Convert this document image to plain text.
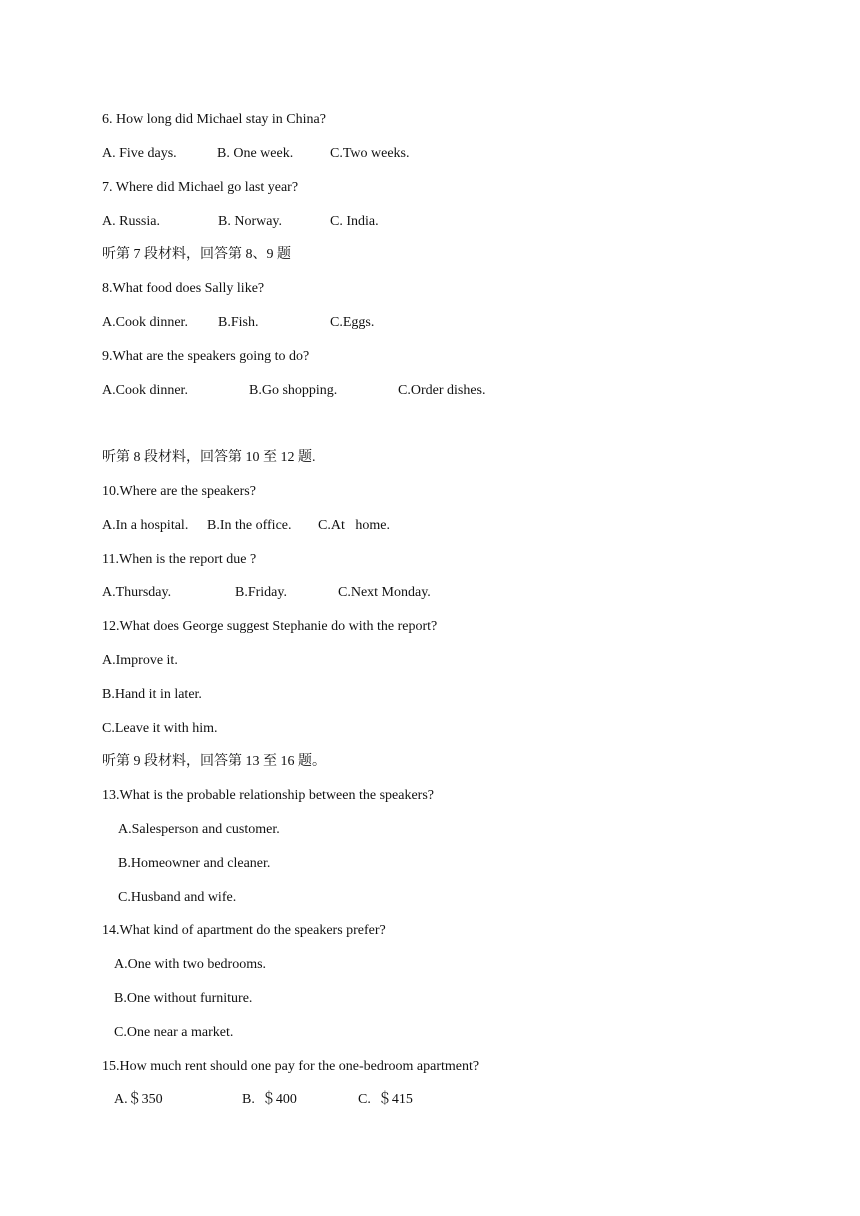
6. How long did Michael stay in China?

A. Five days.

	B. One week.

	C.Two weeks.

7. Where did Michael go last year?

A. Russia.

	B. Norway.

	C. India.

听第 7 段材料，回答第 8、9 题

8.What food does Sally like?

A.Cook dinner.

B.Fish.

	C.Eggs.

9.What are the speakers going to do?

A.Cook dinner.

	B.Go shopping.

	C.Order dishes.

听第 8 段材料，回答第 10 至 12 题.

10.Where are the speakers?

A.In a hospital.

B.In the office.

C.At   home.

11.When is the report due ?

A.Thursday.

	B.Friday.

	C.Next Monday.

12.What does George suggest Stephanie do with the report?

A.Improve it.

B.Hand it in later.

C.Leave it with him.

听第 9 段材料，回答第 13 至 16 题。

13.What is the probable relationship between the speakers?

A.Salesperson and customer.

B.Homeowner and cleaner.

C.Husband and wife.

14.What kind of apartment do the speakers prefer?

A.One with two bedrooms.

B.One without furniture.

C.One near a market.

15.How much rent should one pay for the one-bedroom apartment?

A.＄350

	B.  ＄400

	C.  ＄415
